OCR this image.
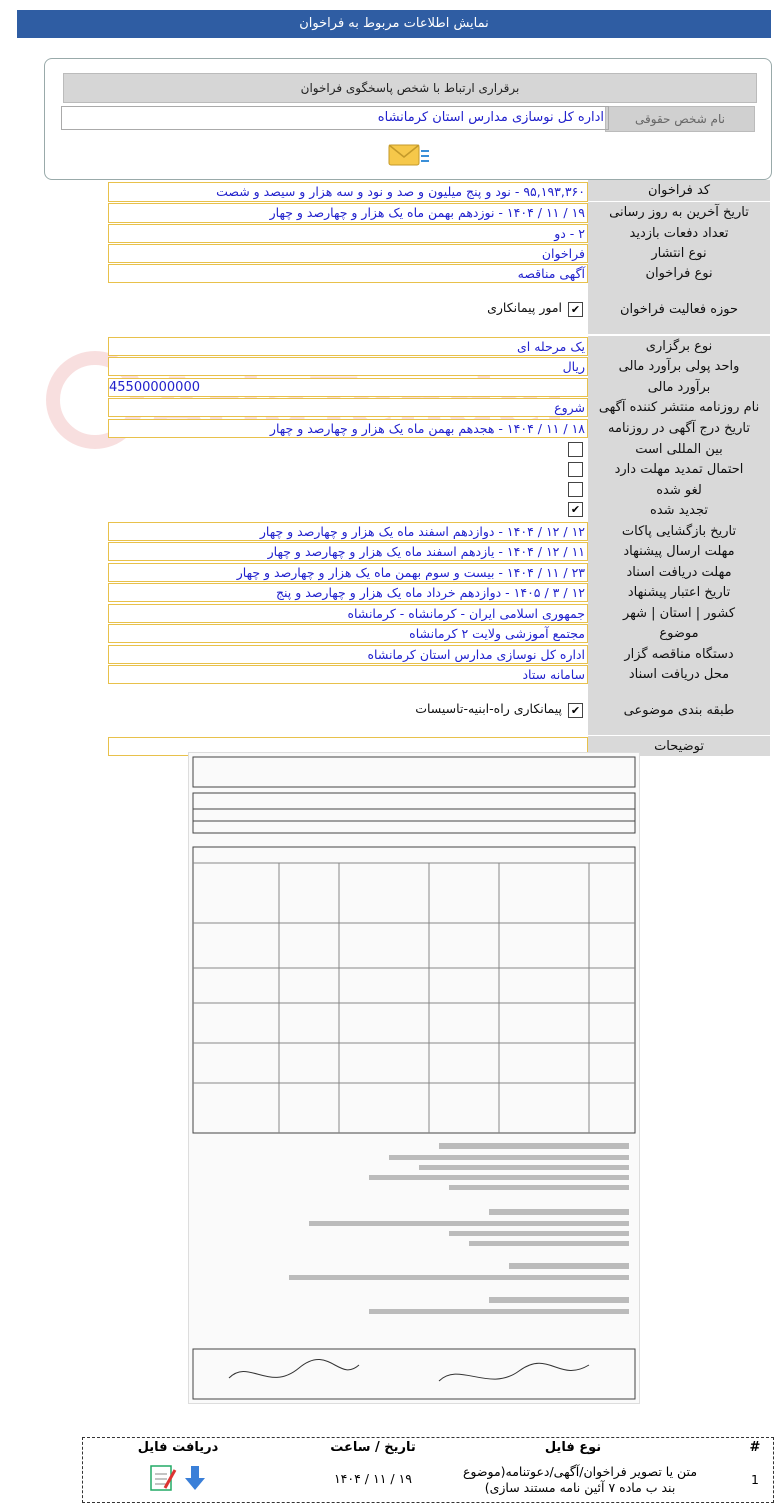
نمایش اطلاعات مربوط به فراخوان
برقراری ارتباط با شخص پاسخگوی فراخوان
نام شخص حقوقی
اداره کل نوسازی مدارس استان کرمانشاه
کد فراخوان
۹۵,۱۹۳,۳۶۰ - نود و پنج میلیون و صد و نود و سه هزار و سیصد و شصت
تاریخ آخرین به روز رسانی
۱۹ / ۱۱ / ۱۴۰۴ - نوزدهم بهمن ماه یک هزار و چهارصد و چهار
تعداد دفعات بازدید
۲ - دو
نوع انتشار
فراخوان
نوع فراخوان
آگهی مناقصه
حوزه فعالیت فراخوان
✔
امور پیمانکاری
نوع برگزاری
یک مرحله ای
واحد پولی برآورد مالی
ریال
برآورد مالی
45500000000
نام روزنامه منتشر کننده آگهی
شروع
تاریخ درج آگهی در روزنامه
۱۸ / ۱۱ / ۱۴۰۴ - هجدهم بهمن ماه یک هزار و چهارصد و چهار
بین المللی است
احتمال تمدید مهلت دارد
لغو شده
تجدید شده
✔
تاریخ بازگشایی پاکات
۱۲ / ۱۲ / ۱۴۰۴ - دوازدهم اسفند ماه یک هزار و چهارصد و چهار
مهلت ارسال پیشنهاد
۱۱ / ۱۲ / ۱۴۰۴ - یازدهم اسفند ماه یک هزار و چهارصد و چهار
مهلت دریافت اسناد
۲۳ / ۱۱ / ۱۴۰۴ - بیست و سوم بهمن ماه یک هزار و چهارصد و چهار
تاریخ اعتبار پیشنهاد
۱۲ / ۳ / ۱۴۰۵ - دوازدهم خرداد ماه یک هزار و چهارصد و پنج
کشور | استان | شهر
جمهوری اسلامی ایران - کرمانشاه - کرمانشاه
موضوع
مجتمع آموزشی ولایت ۲ کرمانشاه
دستگاه مناقصه گزار
اداره کل نوسازی مدارس استان کرمانشاه
محل دریافت اسناد
سامانه ستاد
طبقه بندی موضوعی
✔
پیمانکاری راه-ابنیه-تاسیسات
توضیحات
#
نوع فایل
تاریخ / ساعت
دریافت فایل
1
متن یا تصویر فراخوان/آگهی/دعوتنامه(موضوع
بند ب ماده ۷ آئین نامه مستند سازی)
۱۹ / ۱۱ / ۱۴۰۴
